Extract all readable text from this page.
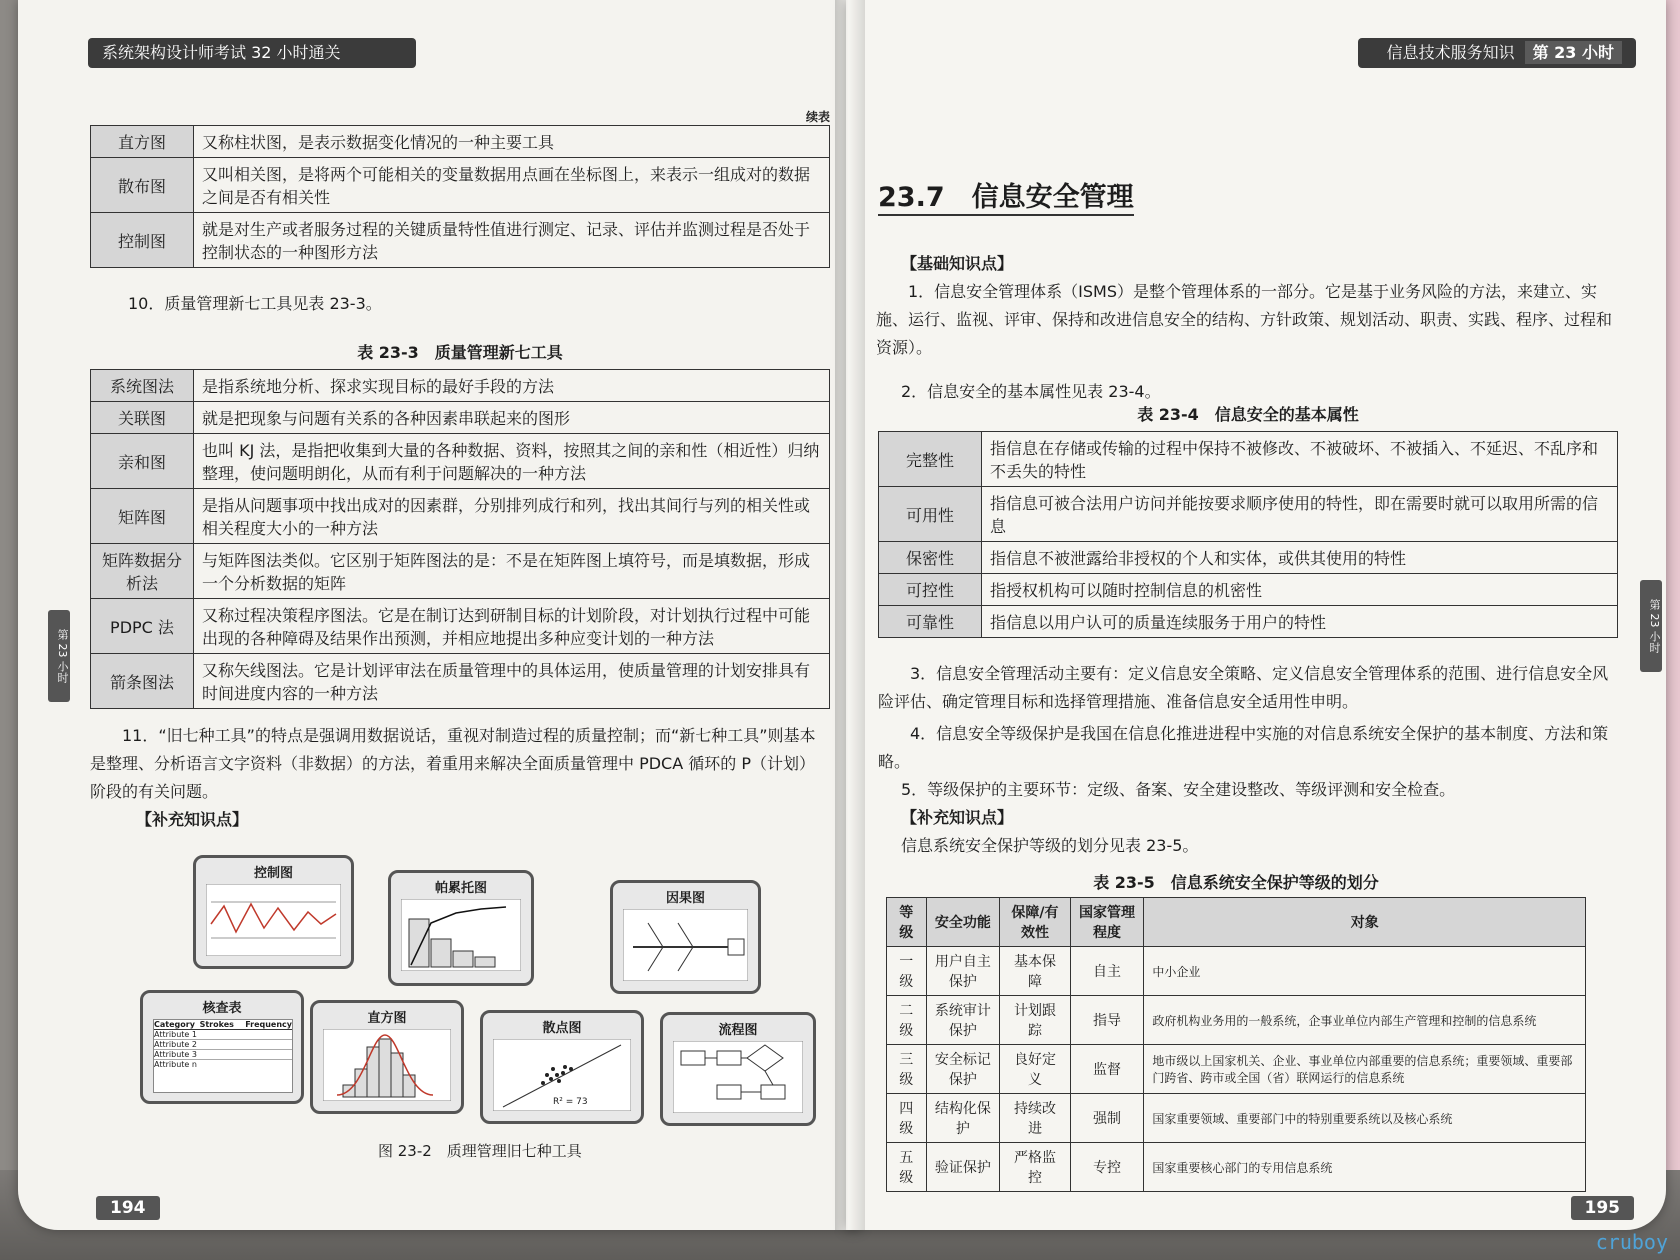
系统架构设计师考试 32 小时通关
续表
直方图	又称柱状图，是表示数据变化情况的一种主要工具
散布图	又叫相关图，是将两个可能相关的变量数据用点画在坐标图上，来表示一组成对的数据之间是否有相关性
控制图	就是对生产或者服务过程的关键质量特性值进行测定、记录、评估并监测过程是否处于控制状态的一种图形方法

10．质量管理新七工具见表 23-3。

表 23-3　质量管理新七工具
系统图法	是指系统地分析、探求实现目标的最好手段的方法
关联图	就是把现象与问题有关系的各种因素串联起来的图形
亲和图	也叫 KJ 法，是指把收集到大量的各种数据、资料，按照其之间的亲和性（相近性）归纳整理，使问题明朗化，从而有利于问题解决的一种方法
矩阵图	是指从问题事项中找出成对的因素群，分别排列成行和列，找出其间行与列的相关性或相关程度大小的一种方法
矩阵数据分析法	与矩阵图法类似。它区别于矩阵图法的是：不是在矩阵图上填符号，而是填数据，形成一个分析数据的矩阵
PDPC 法	又称过程决策程序图法。它是在制订达到研制目标的计划阶段，对计划执行过程中可能出现的各种障碍及结果作出预测，并相应地提出多种应变计划的一种方法
箭条图法	又称矢线图法。它是计划评审法在质量管理中的具体运用，使质量管理的计划安排具有时间进度内容的一种方法

11．“旧七种工具”的特点是强调用数据说话，重视对制造过程的质量控制；而“新七种工具”则基本是整理、分析语言文字资料（非数据）的方法，着重用来解决全面质量管理中 PDCA 循环的 P（计划）阶段的有关问题。

【补充知识点】

控制图
帕累托图
因果图
核查表
Category Strokes	Frequency
Attribute 1
Attribute 2
Attribute 3
Attribute n
直方图
散点图
R² = 73
流程图
图 23-2　质理管理旧七种工具
第 23 小时
194
信息技术服务知识 第 23 小时
23.7　信息安全管理

【基础知识点】

1．信息安全管理体系（ISMS）是整个管理体系的一部分。它是基于业务风险的方法，来建立、实施、运行、监视、评审、保持和改进信息安全的结构、方针政策、规划活动、职责、实践、程序、过程和资源）。

2．信息安全的基本属性见表 23-4。

表 23-4　信息安全的基本属性
完整性	指信息在存储或传输的过程中保持不被修改、不被破坏、不被插入、不延迟、不乱序和不丢失的特性
可用性	指信息可被合法用户访问并能按要求顺序使用的特性，即在需要时就可以取用所需的信息
保密性	指信息不被泄露给非授权的个人和实体，或供其使用的特性
可控性	指授权机构可以随时控制信息的机密性
可靠性	指信息以用户认可的质量连续服务于用户的特性

3．信息安全管理活动主要有：定义信息安全策略、定义信息安全管理体系的范围、进行信息安全风险评估、确定管理目标和选择管理措施、准备信息安全适用性申明。

4．信息安全等级保护是我国在信息化推进进程中实施的对信息系统安全保护的基本制度、方法和策略。

5．等级保护的主要环节：定级、备案、安全建设整改、等级评测和安全检查。

【补充知识点】

信息系统安全保护等级的划分见表 23-5。

表 23-5　信息系统安全保护等级的划分
等级	安全功能	保障/有效性	国家管理程度	对象
一级	用户自主保护	基本保障	自主	中小企业
二级	系统审计保护	计划跟踪	指导	政府机构业务用的一般系统，企事业单位内部生产管理和控制的信息系统
三级	安全标记保护	良好定义	监督	地市级以上国家机关、企业、事业单位内部重要的信息系统；重要领域、重要部门跨省、跨市或全国（省）联网运行的信息系统
四级	结构化保护	持续改进	强制	国家重要领域、重要部门中的特别重要系统以及核心系统
五级	验证保护	严格监控	专控	国家重要核心部门的专用信息系统
第 23 小时
195
cruboy
